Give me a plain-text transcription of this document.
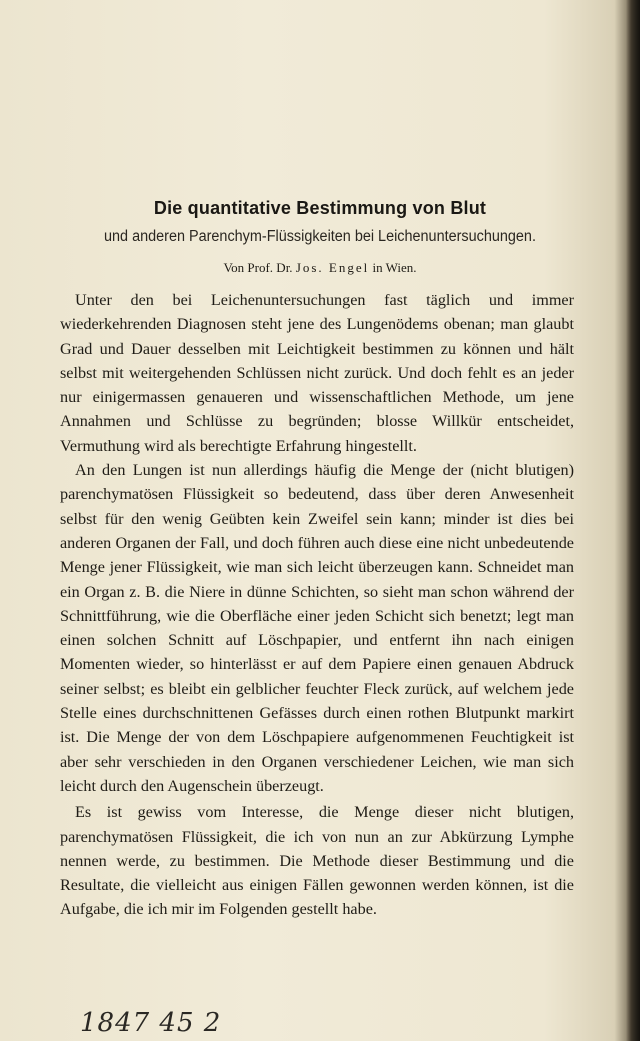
Die quantitative Bestimmung von Blut
und anderen Parenchym-Flüssigkeiten bei Leichenuntersuchungen.
Von Prof. Dr. Jos. Engel in Wien.

Unter den bei Leichenuntersuchungen fast täglich und immer wiederkehrenden Diagnosen steht jene des Lungenödems obenan; man glaubt Grad und Dauer desselben mit Leichtigkeit bestimmen zu können und hält selbst mit weitergehenden Schlüssen nicht zurück. Und doch fehlt es an jeder nur einigermassen genaueren und wissenschaftlichen Methode, um jene Annahmen und Schlüsse zu begründen; blosse Willkür entscheidet, Vermuthung wird als berechtigte Erfahrung hingestellt.

An den Lungen ist nun allerdings häufig die Menge der (nicht blutigen) parenchymatösen Flüssigkeit so bedeutend, dass über deren Anwesenheit selbst für den wenig Geübten kein Zweifel sein kann; minder ist dies bei anderen Organen der Fall, und doch führen auch diese eine nicht unbedeutende Menge jener Flüssigkeit, wie man sich leicht überzeugen kann. Schneidet man ein Organ z. B. die Niere in dünne Schichten, so sieht man schon während der Schnittführung, wie die Oberfläche einer jeden Schicht sich benetzt; legt man einen solchen Schnitt auf Löschpapier, und entfernt ihn nach einigen Momenten wieder, so hinterlässt er auf dem Papiere einen genauen Abdruck seiner selbst; es bleibt ein gelblicher feuchter Fleck zurück, auf welchem jede Stelle eines durchschnittenen Gefässes durch einen rothen Blutpunkt markirt ist. Die Menge der von dem Löschpapiere aufgenommenen Feuchtigkeit ist aber sehr verschieden in den Organen verschiedener Leichen, wie man sich leicht durch den Augenschein überzeugt.

Es ist gewiss vom Interesse, die Menge dieser nicht blutigen, parenchymatösen Flüssigkeit, die ich von nun an zur Abkürzung Lymphe nennen werde, zu bestimmen. Die Methode dieser Bestimmung und die Resultate, die vielleicht aus einigen Fällen gewonnen werden können, ist die Aufgabe, die ich mir im Folgenden gestellt habe.

1847 45 2
